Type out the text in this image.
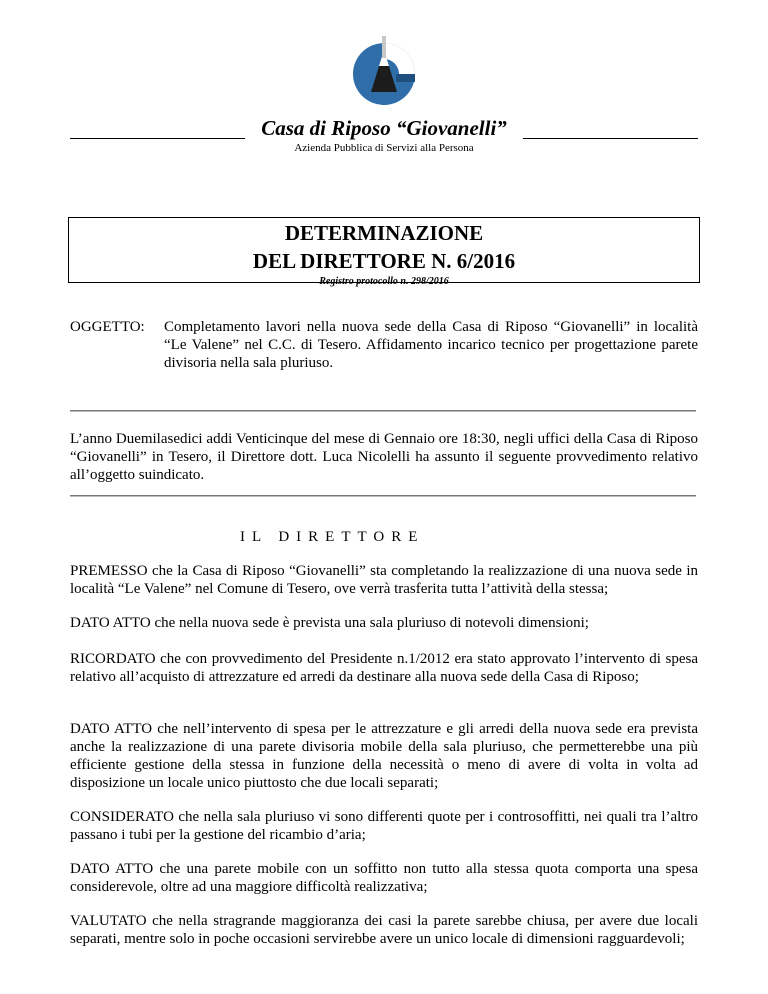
Casa di Riposo “Giovanelli”
Azienda Pubblica di Servizi alla Persona
DETERMINAZIONE
DEL DIRETTORE N. 6/2016
Registro protocollo n. 298/2016
OGGETTO: Completamento lavori nella nuova sede della Casa di Riposo “Giovanelli” in località “Le Valene” nel C.C. di Tesero. Affidamento incarico tecnico per progettazione parete divisoria nella sala pluriuso.
L’anno Duemilasedici addi Venticinque del mese di Gennaio ore 18:30, negli uffici della Casa di Riposo “Giovanelli” in Tesero, il Direttore dott. Luca Nicolelli ha assunto il seguente provvedimento relativo all’oggetto suindicato.
IL DIRETTORE
PREMESSO che la Casa di Riposo “Giovanelli” sta completando la realizzazione di una nuova sede in località “Le Valene” nel Comune di Tesero, ove verrà trasferita tutta l’attività della stessa;
DATO ATTO che nella nuova sede è prevista una sala pluriuso di notevoli dimensioni;
RICORDATO che con provvedimento del Presidente n.1/2012 era stato approvato l’intervento di spesa relativo all’acquisto di attrezzature ed arredi da destinare alla nuova sede della Casa di Riposo;
DATO ATTO che nell’intervento di spesa per le attrezzature e gli arredi della nuova sede era prevista anche la realizzazione di una parete divisoria mobile della sala pluriuso, che permetterebbe una più efficiente gestione della stessa in funzione della necessità o meno di avere di volta in volta ad disposizione un locale unico piuttosto che due locali separati;
CONSIDERATO che nella sala pluriuso vi sono differenti quote per i controsoffitti, nei quali tra l’altro passano i tubi per la gestione del ricambio d’aria;
DATO ATTO che una parete mobile con un soffitto non tutto alla stessa quota comporta una spesa considerevole, oltre ad una maggiore difficoltà realizzativa;
VALUTATO che nella stragrande maggioranza dei casi la parete sarebbe chiusa, per avere due locali separati, mentre solo in poche occasioni servirebbe avere un unico locale di dimensioni ragguardevoli;
